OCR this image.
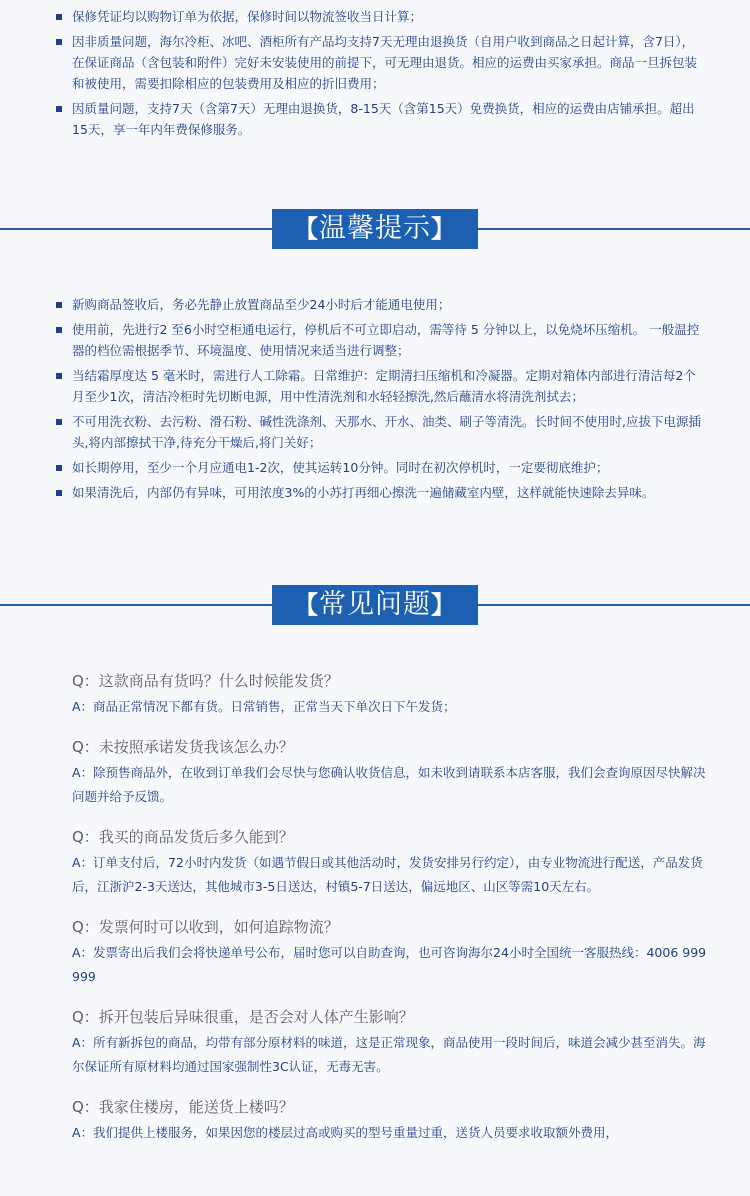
保修凭证均以购物订单为依据，保修时间以物流签收当日计算；
因非质量问题，海尔冷柜、冰吧、酒柜所有产品均支持7天无理由退换货（自用户收到商品之日起计算，含7日），在保证商品（含包装和附件）完好未安装使用的前提下，可无理由退货。相应的运费由买家承担。商品一旦拆包装和被使用，需要扣除相应的包装费用及相应的折旧费用；
因质量问题，支持7天（含第7天）无理由退换货，8-15天（含第15天）免费换货，相应的运费由店铺承担。超出15天，享一年内年费保修服务。
【温馨提示】
新购商品签收后，务必先静止放置商品至少24小时后才能通电使用；
使用前，先进行2 至6小时空柜通电运行，停机后不可立即启动，需等待 5 分钟以上，以免烧坏压缩机。 一般温控器的档位需根据季节、环境温度、使用情况来适当进行调整；
当结霜厚度达 5 毫米时，需进行人工除霜。日常维护：定期清扫压缩机和冷凝器。定期对箱体内部进行清洁每2个月至少1次，清洁冷柜时先切断电源，用中性清洗剂和水轻轻擦洗,然后蘸清水将清洗剂拭去；
不可用洗衣粉、去污粉、滑石粉、碱性洗涤剂、天那水、开水、油类、刷子等清洗。长时间不使用时,应拔下电源插头,将内部擦拭干净,待充分干燥后,将门关好；
如长期停用，至少一个月应通电1-2次，使其运转10分钟。同时在初次停机时，一定要彻底维护；
如果清洗后，内部仍有异味，可用浓度3%的小苏打再细心擦洗一遍储藏室内壁，这样就能快速除去异味。
【常见问题】
Q：这款商品有货吗？什么时候能发货？
A：商品正常情况下都有货。日常销售，正常当天下单次日下午发货；
Q：未按照承诺发货我该怎么办？
A：除预售商品外，在收到订单我们会尽快与您确认收货信息，如未收到请联系本店客服，我们会查询原因尽快解决问题并给予反馈。
Q：我买的商品发货后多久能到？
A：订单支付后，72小时内发货（如遇节假日或其他活动时，发货安排另行约定），由专业物流进行配送，产品发货后，江浙沪2-3天送达，其他城市3-5日送达，村镇5-7日送达，偏远地区、山区等需10天左右。
Q：发票何时可以收到，如何追踪物流？
A：发票寄出后我们会将快递单号公布，届时您可以自助查询，也可咨询海尔24小时全国统一客服热线：4006 999 999
Q：拆开包装后异味很重，是否会对人体产生影响？
A：所有新拆包的商品，均带有部分原材料的味道，这是正常现象，商品使用一段时间后，味道会减少甚至消失。海尔保证所有原材料均通过国家强制性3C认证，无毒无害。
Q：我家住楼房，能送货上楼吗？
A：我们提供上楼服务，如果因您的楼层过高或购买的型号重量过重，送货人员要求收取额外费用，
